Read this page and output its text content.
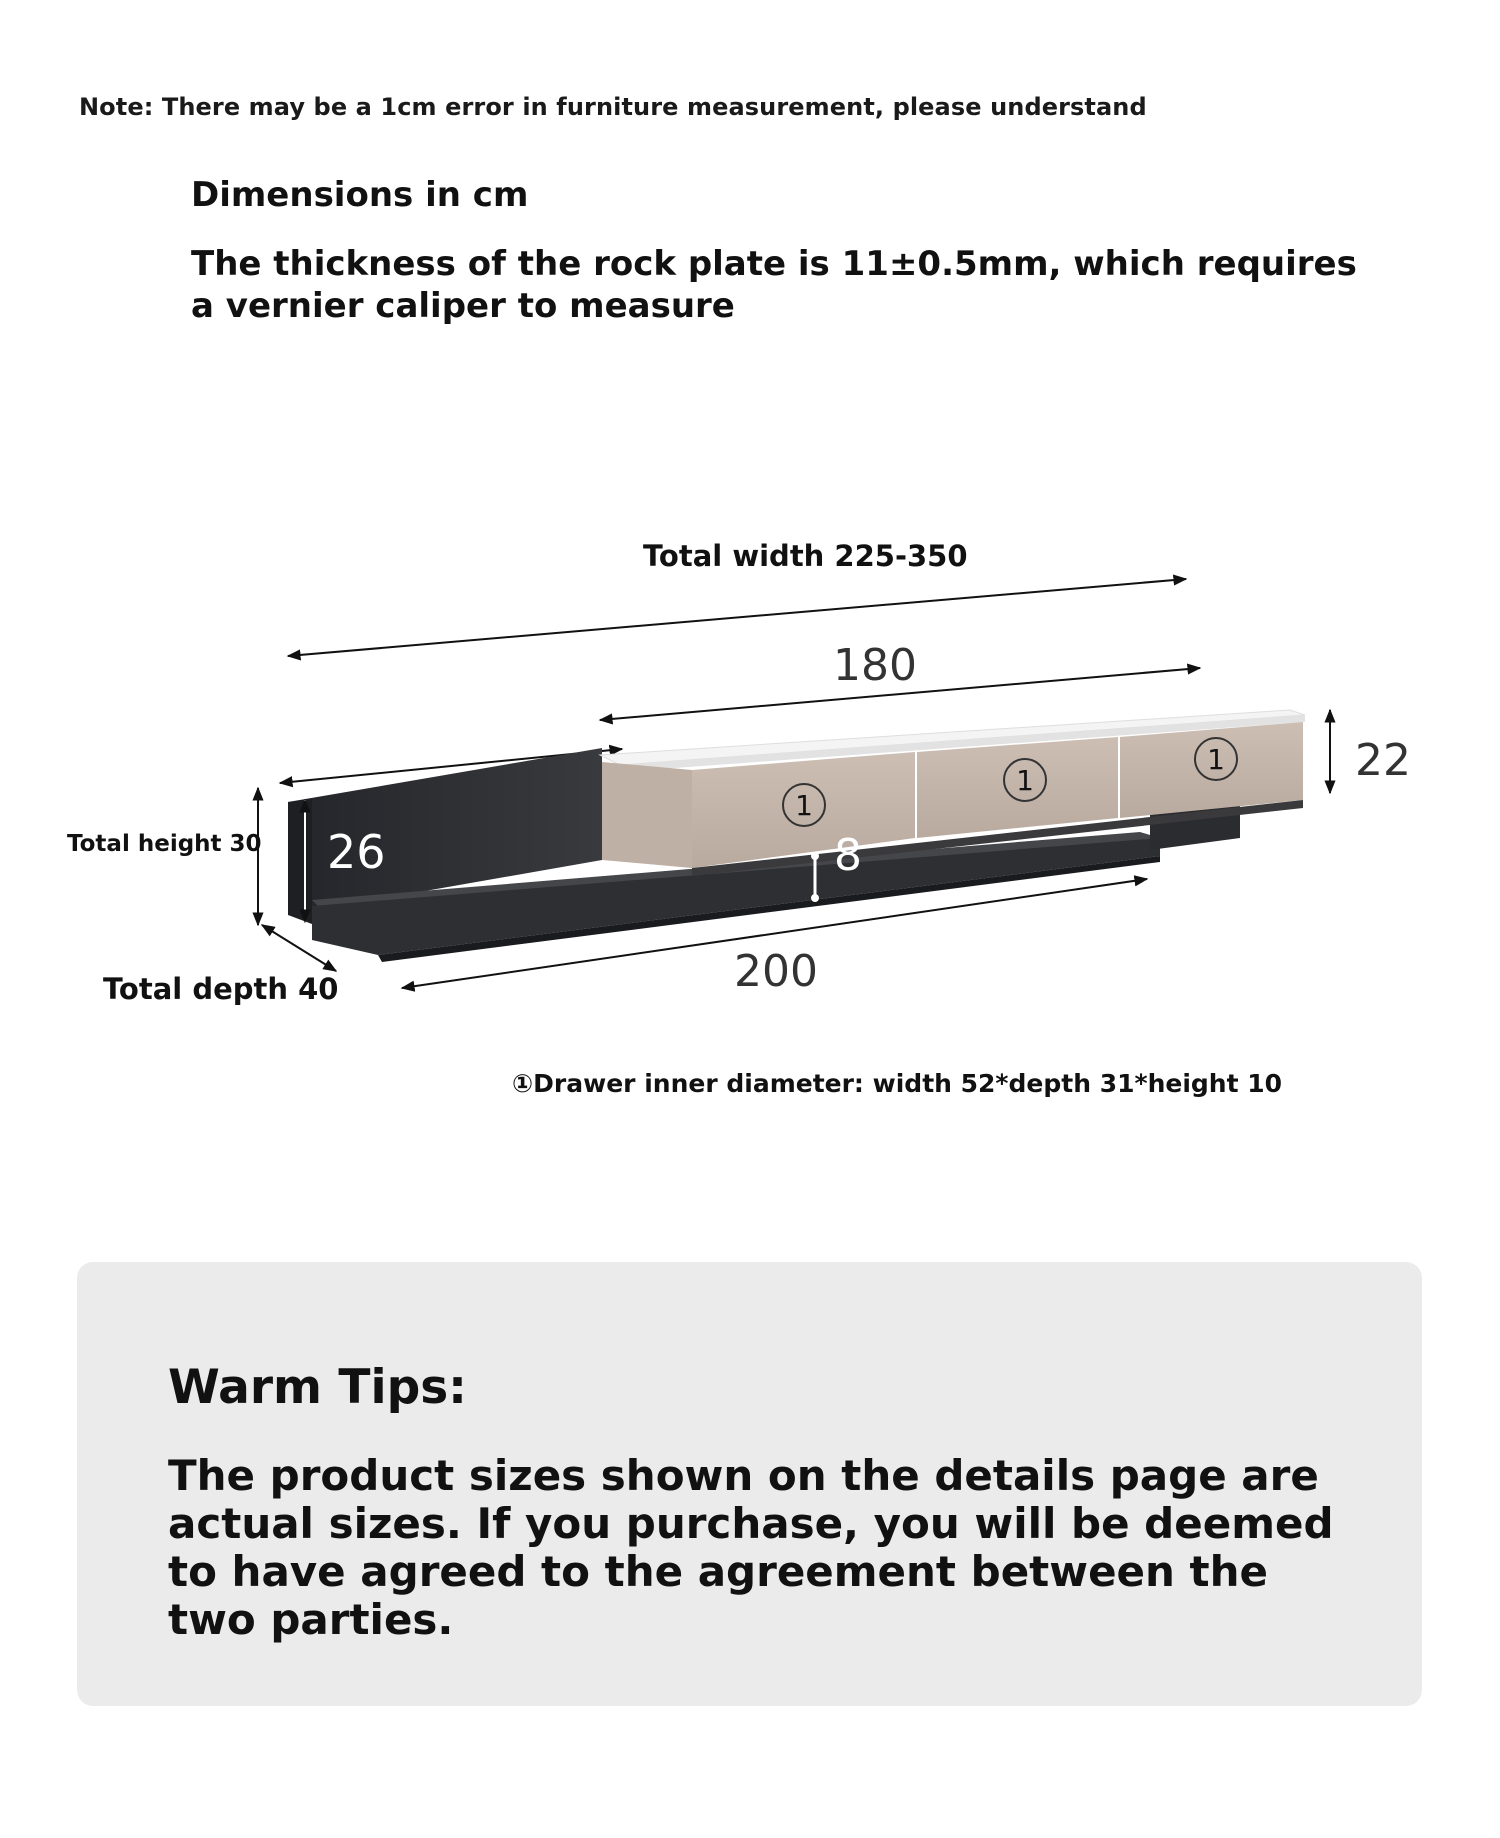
Note: There may be a 1cm error in furniture measurement, please understand
Dimensions in cm
The thickness of the rock plate is 11±0.5mm, which requires a vernier caliper to measure
Total width 225-350
180
1
1
1	22
Total height 30 26	8
Total depth 40	200
①Drawer inner diameter: width 52*depth 31*height 10
Warm Tips:
The product sizes shown on the details page are actual sizes. If you purchase, you will be deemed to have agreed to the agreement between the two parties.
